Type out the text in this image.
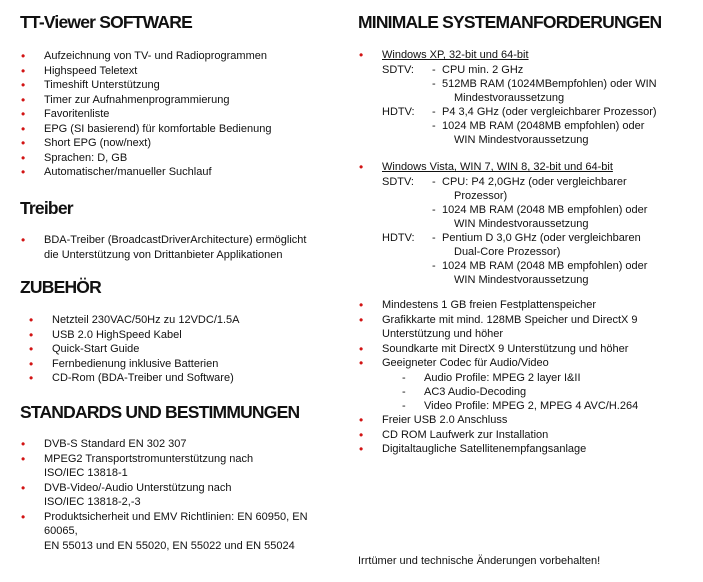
TT-Viewer SOFTWARE
• Aufzeichnung von TV- und Radioprogrammen
• Highspeed Teletext
• Timeshift Unterstützung
• Timer zur Aufnahmenprogrammierung
• Favoritenliste
• EPG (SI basierend) für komfortable Bedienung
• Short EPG (now/next)
• Sprachen: D, GB
• Automatischer/manueller Suchlauf
Treiber
• BDA-Treiber (BroadcastDriverArchitecture) ermöglicht
die Unterstützung von Drittanbieter Applikationen
ZUBEHÖR
• Netzteil 230VAC/50Hz zu 12VDC/1.5A
• USB 2.0 HighSpeed Kabel
• Quick-Start Guide
• Fernbedienung inklusive Batterien
• CD-Rom (BDA-Treiber und Software)
STANDARDS UND BESTIMMUNGEN
• DVB-S Standard EN 302 307
• MPEG2 Transportstromunterstützung nach
ISO/IEC 13818-1
• DVB-Video/-Audio Unterstützung nach
ISO/IEC 13818-2,-3
• Produktsicherheit und EMV Richtlinien: EN 60950, EN
60065,
EN 55013 und EN 55020, EN 55022 und EN 55024
MINIMALE SYSTEMANFORDERUNGEN
• Windows XP, 32-bit und 64-bit
SDTV: - CPU min. 2 GHz
- 512MB RAM (1024MBempfohlen) oder WIN
Mindestvoraussetzung
HDTV: - P4 3,4 GHz (oder vergleichbarer Prozessor)
- 1024 MB RAM (2048MB empfohlen) oder
WIN Mindestvoraussetzung
• Windows Vista, WIN 7, WIN 8, 32-bit und 64-bit
SDTV: - CPU: P4 2,0GHz (oder vergleichbarer
Prozessor)
- 1024 MB RAM (2048 MB empfohlen) oder
WIN Mindestvoraussetzung
HDTV: - Pentium D 3,0 GHz (oder vergleichbaren
Dual-Core Prozessor)
- 1024 MB RAM (2048 MB empfohlen) oder
WIN Mindestvoraussetzung
• Mindestens 1 GB freien Festplattenspeicher
• Grafikkarte mit mind. 128MB Speicher und DirectX 9
Unterstützung und höher
• Soundkarte mit DirectX 9 Unterstützung und höher
• Geeigneter Codec für Audio/Video
- Audio Profile: MPEG 2 layer I&II
- AC3 Audio-Decoding
- Video Profile: MPEG 2, MPEG 4 AVC/H.264
• Freier USB 2.0 Anschluss
• CD ROM Laufwerk zur Installation
• Digitaltaugliche Satellitenempfangsanlage
Irrtümer und technische Änderungen vorbehalten!
